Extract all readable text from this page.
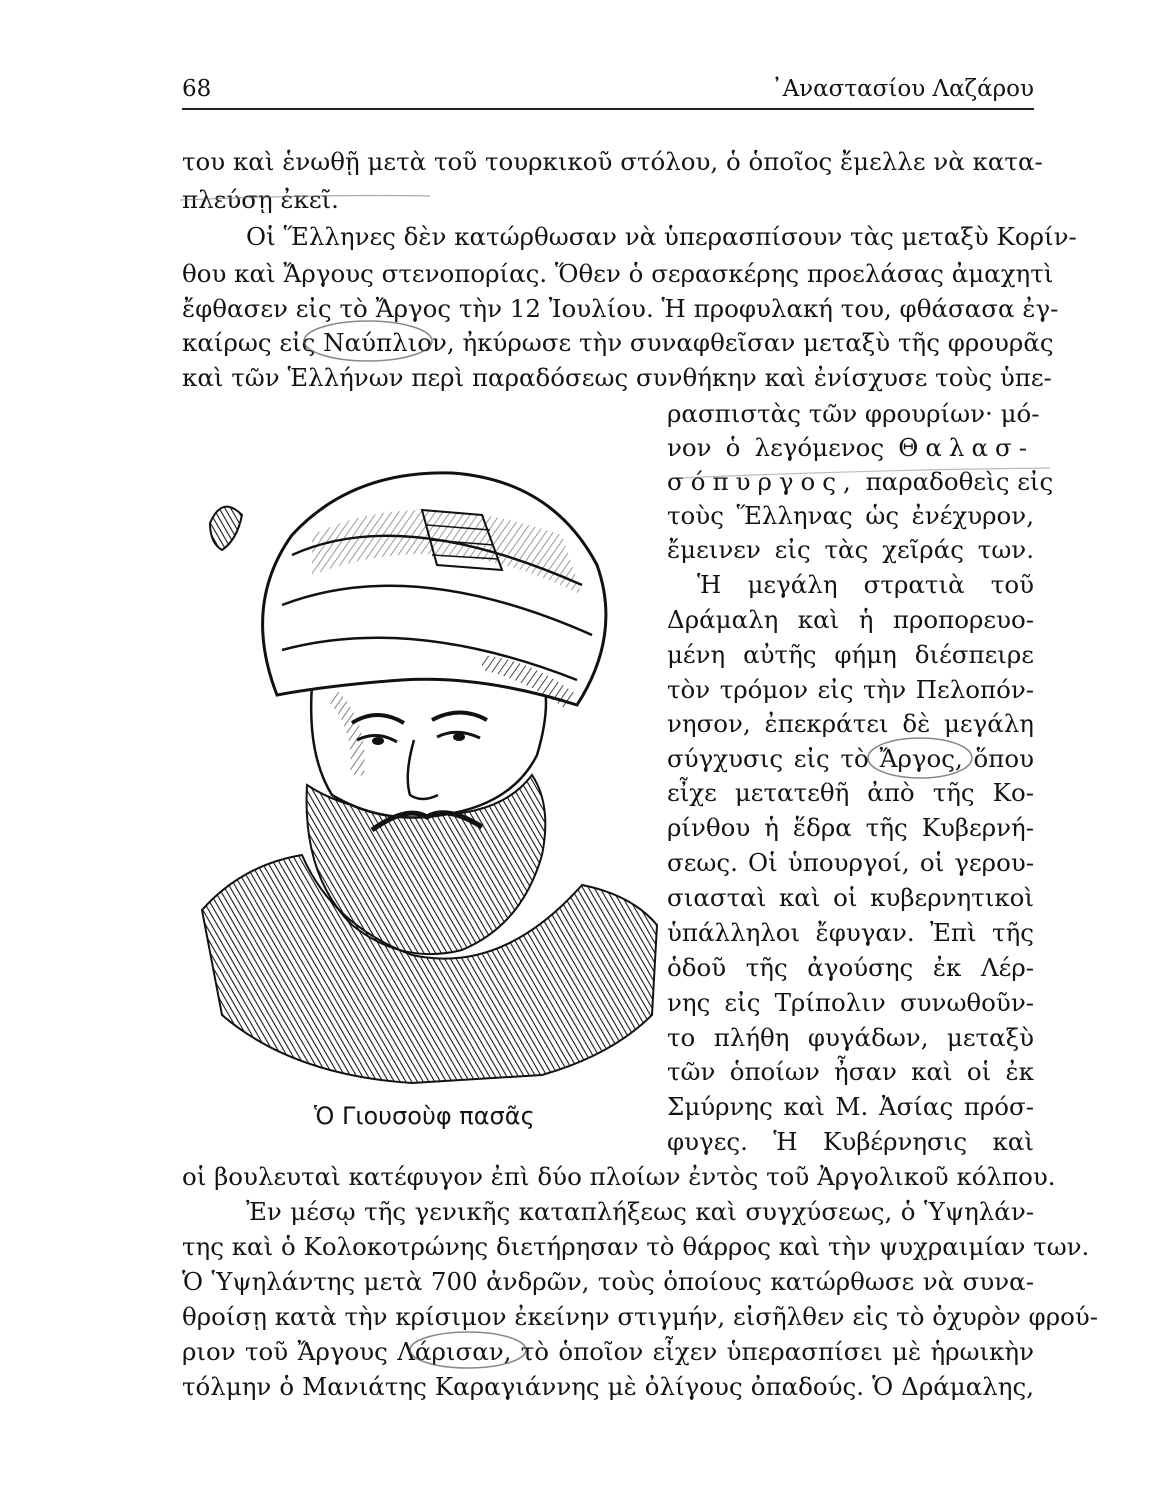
68	᾿Αναστασίου Λαζάρου
του καὶ ἑνωθῇ μετὰ τοῦ τουρκικοῦ στόλου, ὁ ὁποῖος ἔμελλε νὰ κατα-
πλεύσῃ ἐκεῖ.
Οἱ Ἕλληνες δὲν κατώρθωσαν νὰ ὑπερασπίσουν τὰς μεταξὺ Κορίν-
θου καὶ Ἄργους στενοπορίας. Ὅθεν ὁ σερασκέρης προελάσας ἀμαχητὶ
ἔφθασεν εἰς τὸ Ἄργος τὴν 12 Ἰουλίου. Ἡ προφυλακή του, φθάσασα ἐγ-
καίρως εἰς Ναύπλιον, ἠκύρωσε τὴν συναφθεῖσαν μεταξὺ τῆς φρουρᾶς
καὶ τῶν Ἑλλήνων περὶ παραδόσεως συνθήκην καὶ ἐνίσχυσε τοὺς ὑπε-
ρασπιστὰς τῶν φρουρίων· μό-
νον ὁ λεγόμενος Θαλασ-
σόπυργος, παραδοθεὶς εἰς
τοὺς Ἕλληνας ὡς ἐνέχυρον,
ἔμεινεν εἰς τὰς χεῖράς των.
Ἡ μεγάλη στρατιὰ τοῦ
Δράμαλη καὶ ἡ προπορευο-
μένη αὐτῆς φήμη διέσπειρε
τὸν τρόμον εἰς τὴν Πελοπόν-
νησον, ἐπεκράτει δὲ μεγάλη
σύγχυσις εἰς τὸ Ἄργος, ὅπου
εἶχε μετατεθῆ ἀπὸ τῆς Κο-
ρίνθου ἡ ἕδρα τῆς Κυβερνή-
σεως. Οἱ ὑπουργοί, οἱ γερου-
σιασταὶ καὶ οἱ κυβερνητικοὶ
ὑπάλληλοι ἔφυγαν. Ἐπὶ τῆς
ὁδοῦ τῆς ἀγούσης ἐκ Λέρ-
νης εἰς Τρίπολιν συνωθοῦν-
το πλήθη φυγάδων, μεταξὺ
τῶν ὁποίων ἦσαν καὶ οἱ ἐκ
Σμύρνης καὶ Μ. Ἀσίας πρόσ-
φυγες. Ἡ Κυβέρνησις καὶ
οἱ βουλευταὶ κατέφυγον ἐπὶ δύο πλοίων ἐντὸς τοῦ Ἀργολικοῦ κόλπου.
Ἐν μέσῳ τῆς γενικῆς καταπλήξεως καὶ συγχύσεως, ὁ Ὑψηλάν-
της καὶ ὁ Κολοκοτρώνης διετήρησαν τὸ θάρρος καὶ τὴν ψυχραιμίαν των.
Ὁ Ὑψηλάντης μετὰ 700 ἀνδρῶν, τοὺς ὁποίους κατώρθωσε νὰ συνα-
θροίσῃ κατὰ τὴν κρίσιμον ἐκείνην στιγμήν, εἰσῆλθεν εἰς τὸ ὀχυρὸν φρού-
ριον τοῦ Ἄργους Λάρισαν, τὸ ὁποῖον εἶχεν ὑπερασπίσει μὲ ἡρωικὴν
τόλμην ὁ Μανιάτης Καραγιάννης μὲ ὀλίγους ὀπαδούς. Ὁ Δράμαλης,
Ὁ Γιουσοὺφ πασᾶς
